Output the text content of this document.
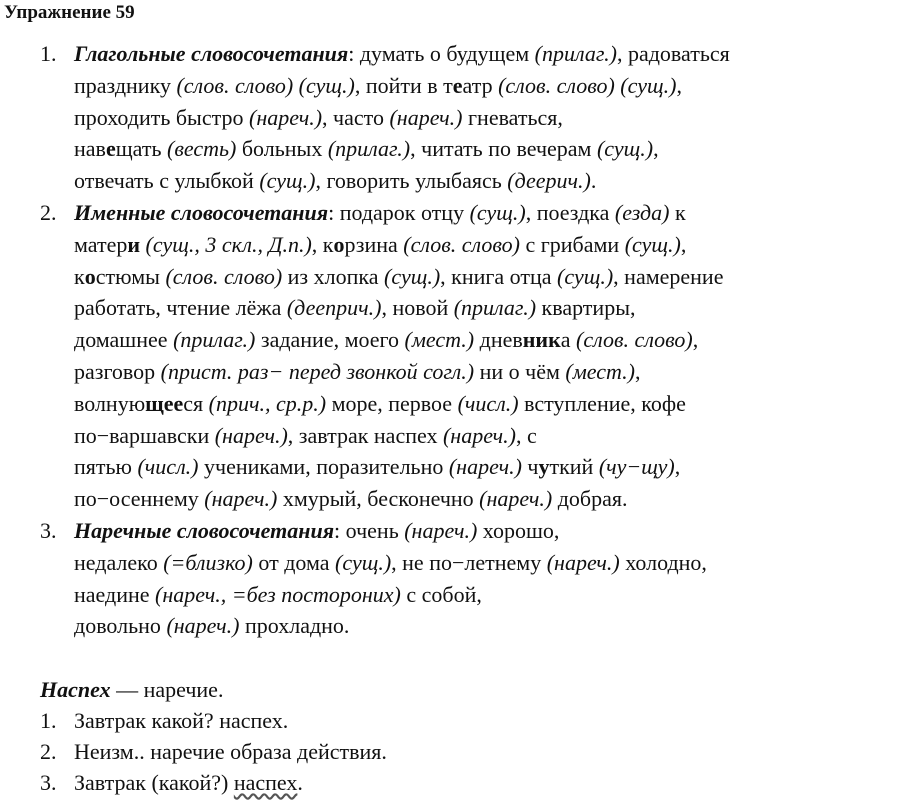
Упражнение 59
1. Глагольные словосочетания: думать о будущем (прилаг.), радоваться
празднику (слов. слово) (сущ.), пойти в театр (слов. слово) (сущ.),
проходить быстро (нареч.), часто (нареч.) гневаться,
навещать (весть) больных (прилаг.), читать по вечерам (сущ.),
отвечать с улыбкой (сущ.), говорить улыбаясь (деерич.).
2. Именные словосочетания: подарок отцу (сущ.), поездка (езда) к
матери (сущ., 3 скл., Д.п.), корзина (слов. слово) с грибами (сущ.),
костюмы (слов. слово) из хлопка (сущ.), книга отца (сущ.), намерение
работать, чтение лёжа (дееприч.), новой (прилаг.) квартиры,
домашнее (прилаг.) задание, моего (мест.) дневника (слов. слово),
разговор (прист. раз− перед звонкой согл.) ни о чём (мест.),
волнующееся (прич., ср.р.) море, первое (числ.) вступление, кофе
по−варшавски (нареч.), завтрак наспех (нареч.), с
пятью (числ.) учениками, поразительно (нареч.) чуткий (чу−щу),
по−осеннему (нареч.) хмурый, бесконечно (нареч.) добрая.
3. Наречные словосочетания: очень (нареч.) хорошо,
недалеко (=близко) от дома (сущ.), не по−летнему (нареч.) холодно,
наедине (нареч., =без посторониx) с собой,
довольно (нареч.) прохладно.
Наспех — наречие.
1. Завтрак какой? наспех.
2. Неизм.. наречие образа действия.
3. Завтрак (какой?) наспех.
